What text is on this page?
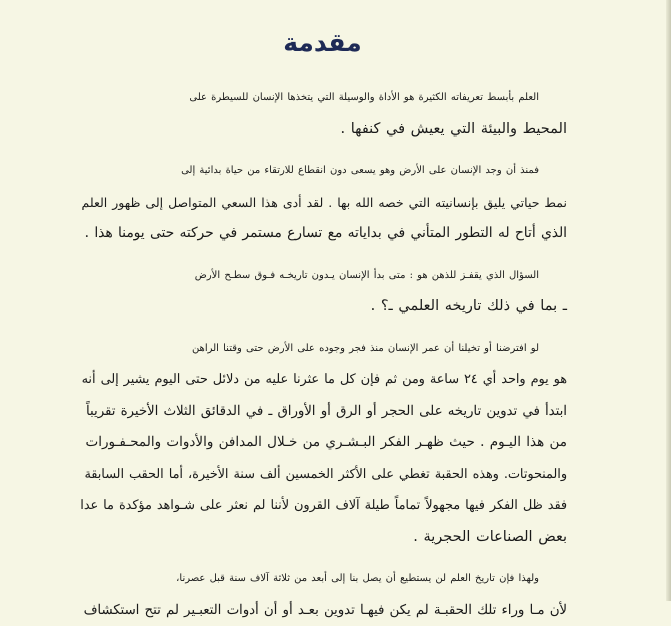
مقدمة
العلم بأبسط تعريفاته الكثيرة هو الأداة والوسيلة التي يتخذها الإنسان للسيطرة على
المحيط والبيئة التي يعيش في كنفها .
فمنذ أن وجد الإنسان على الأرض وهو يسعى دون انقطاع للارتقاء من حياة بدائية إلى
نمط حياتي يليق بإنسانيته التي خصه الله بها . لقد أدى هذا السعي المتواصل إلى ظهور العلم
الذي أتاح له التطور المتأني في بداياته مع تسارع مستمر في حركته حتى يومنا هذا .
السؤال الذي يقفـز للذهن هو : متى بدأ الإنسان يـدون تاريخـه فـوق سطـح الأرض
ـ بما في ذلك تاريخه العلمي ـ؟ .
لو افترضنا أو تخيلنا أن عمر الإنسان منذ فجر وجوده على الأرض حتى وقتنا الراهن
هو يوم واحد أي ٢٤ ساعة ومن ثم فإن كل ما عثرنا عليه من دلائل حتى اليوم يشير إلى أنه
ابتدأ في تدوين تاريخه على الحجر أو الرق أو الأوراق ـ في الدقائق الثلاث الأخيرة تقريباً
من هذا اليـوم . حيث ظهـر الفكر البـشـري من خـلال المدافن والأدوات والمحـفـورات
والمنحوتات. وهذه الحقبة تغطي على الأكثر الخمسين ألف سنة الأخيرة، أما الحقب السابقة
فقد ظل الفكر فيها مجهولاً تماماً طيلة آلاف القرون لأننا لم نعثر على شـواهد مؤكدة ما عدا
بعض الصناعات الحجرية .
ولهذا فإن تاريخ العلم لن يستطيع أن يصل بنا إلى أبعد من ثلاثة آلاف سنة قبل عصرنا،
لأن مـا وراء تلك الحقبـة لم يكن فيهـا تدوين بعـد أو أن أدوات التعبـير لم تتح استكشاف
